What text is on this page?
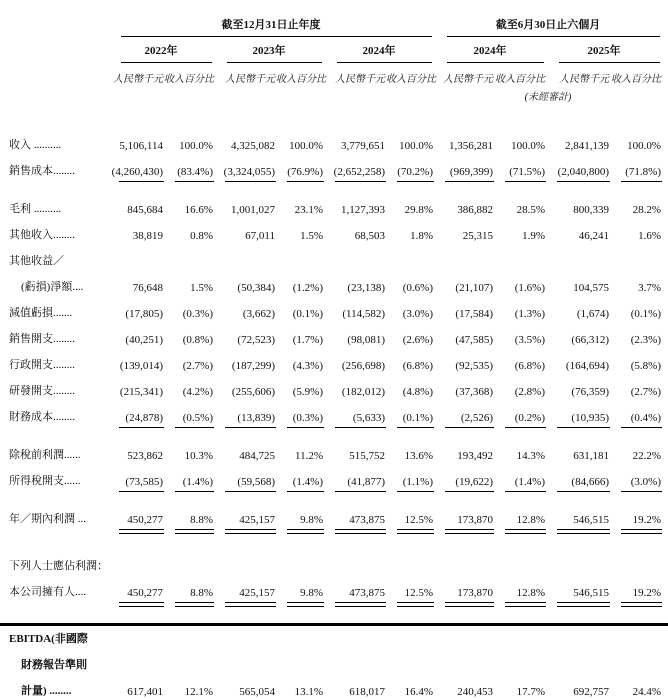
	截至12月31日止年度						截至6月30日止六個月			
	2022年		2023年		2024年		2024年		2025年	
	人民幣千元	收入百分比	人民幣千元	收入百分比	人民幣千元	收入百分比	人民幣千元	收入百分比	人民幣千元	收入百分比
							(未經審計)			
收入 ..........	5,106,114	100.0%	4,325,082	100.0%	3,779,651	100.0%	1,356,281	100.0%	2,841,139	100.0%
銷售成本........	(4,260,430)	(83.4%)	(3,324,055)	(76.9%)	(2,652,258)	(70.2%)	(969,399)	(71.5%)	(2,040,800)	(71.8%)
毛利 ..........	845,684	16.6%	1,001,027	23.1%	1,127,393	29.8%	386,882	28.5%	800,339	28.2%
其他收入........	38,819	0.8%	67,011	1.5%	68,503	1.8%	25,315	1.9%	46,241	1.6%
其他收益／										
(虧損)淨額....	76,648	1.5%	(50,384)	(1.2%)	(23,138)	(0.6%)	(21,107)	(1.6%)	104,575	3.7%
減值虧損.......	(17,805)	(0.3%)	(3,662)	(0.1%)	(114,582)	(3.0%)	(17,584)	(1.3%)	(1,674)	(0.1%)
銷售開支........	(40,251)	(0.8%)	(72,523)	(1.7%)	(98,081)	(2.6%)	(47,585)	(3.5%)	(66,312)	(2.3%)
行政開支........	(139,014)	(2.7%)	(187,299)	(4.3%)	(256,698)	(6.8%)	(92,535)	(6.8%)	(164,694)	(5.8%)
研發開支........	(215,341)	(4.2%)	(255,606)	(5.9%)	(182,012)	(4.8%)	(37,368)	(2.8%)	(76,359)	(2.7%)
財務成本........	(24,878)	(0.5%)	(13,839)	(0.3%)	(5,633)	(0.1%)	(2,526)	(0.2%)	(10,935)	(0.4%)
除稅前利潤......	523,862	10.3%	484,725	11.2%	515,752	13.6%	193,492	14.3%	631,181	22.2%
所得稅開支......	(73,585)	(1.4%)	(59,568)	(1.4%)	(41,877)	(1.1%)	(19,622)	(1.4%)	(84,666)	(3.0%)
年／期內利潤 ...	450,277	8.8%	425,157	9.8%	473,875	12.5%	173,870	12.8%	546,515	19.2%
下列人士應佔利潤：										
本公司擁有人....	450,277	8.8%	425,157	9.8%	473,875	12.5%	173,870	12.8%	546,515	19.2%
EBITDA(非國際										
財務報告準則										
計量) ........	617,401	12.1%	565,054	13.1%	618,017	16.4%	240,453	17.7%	692,757	24.4%
